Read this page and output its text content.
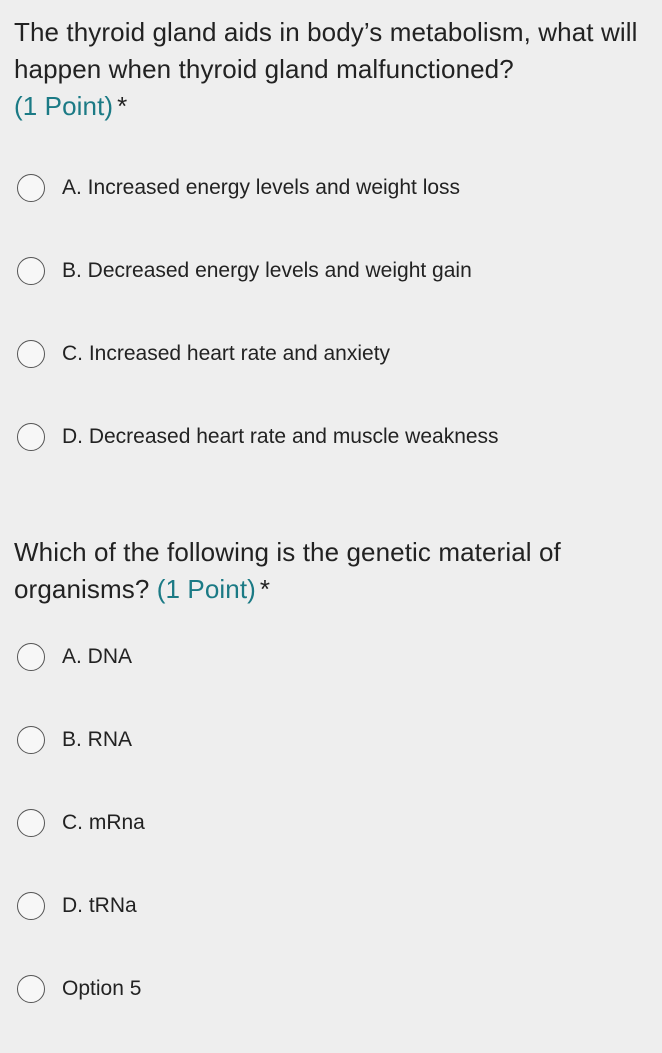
The thyroid gland aids in body’s metabolism, what will happen when thyroid gland malfunctioned?
(1 Point) *

A. Increased energy levels and weight loss
B. Decreased energy levels and weight gain
C. Increased heart rate and anxiety
D. Decreased heart rate and muscle weakness

Which of the following is the genetic material of organisms? (1 Point) *

A. DNA
B. RNA
C. mRna
D. tRNa
Option 5
